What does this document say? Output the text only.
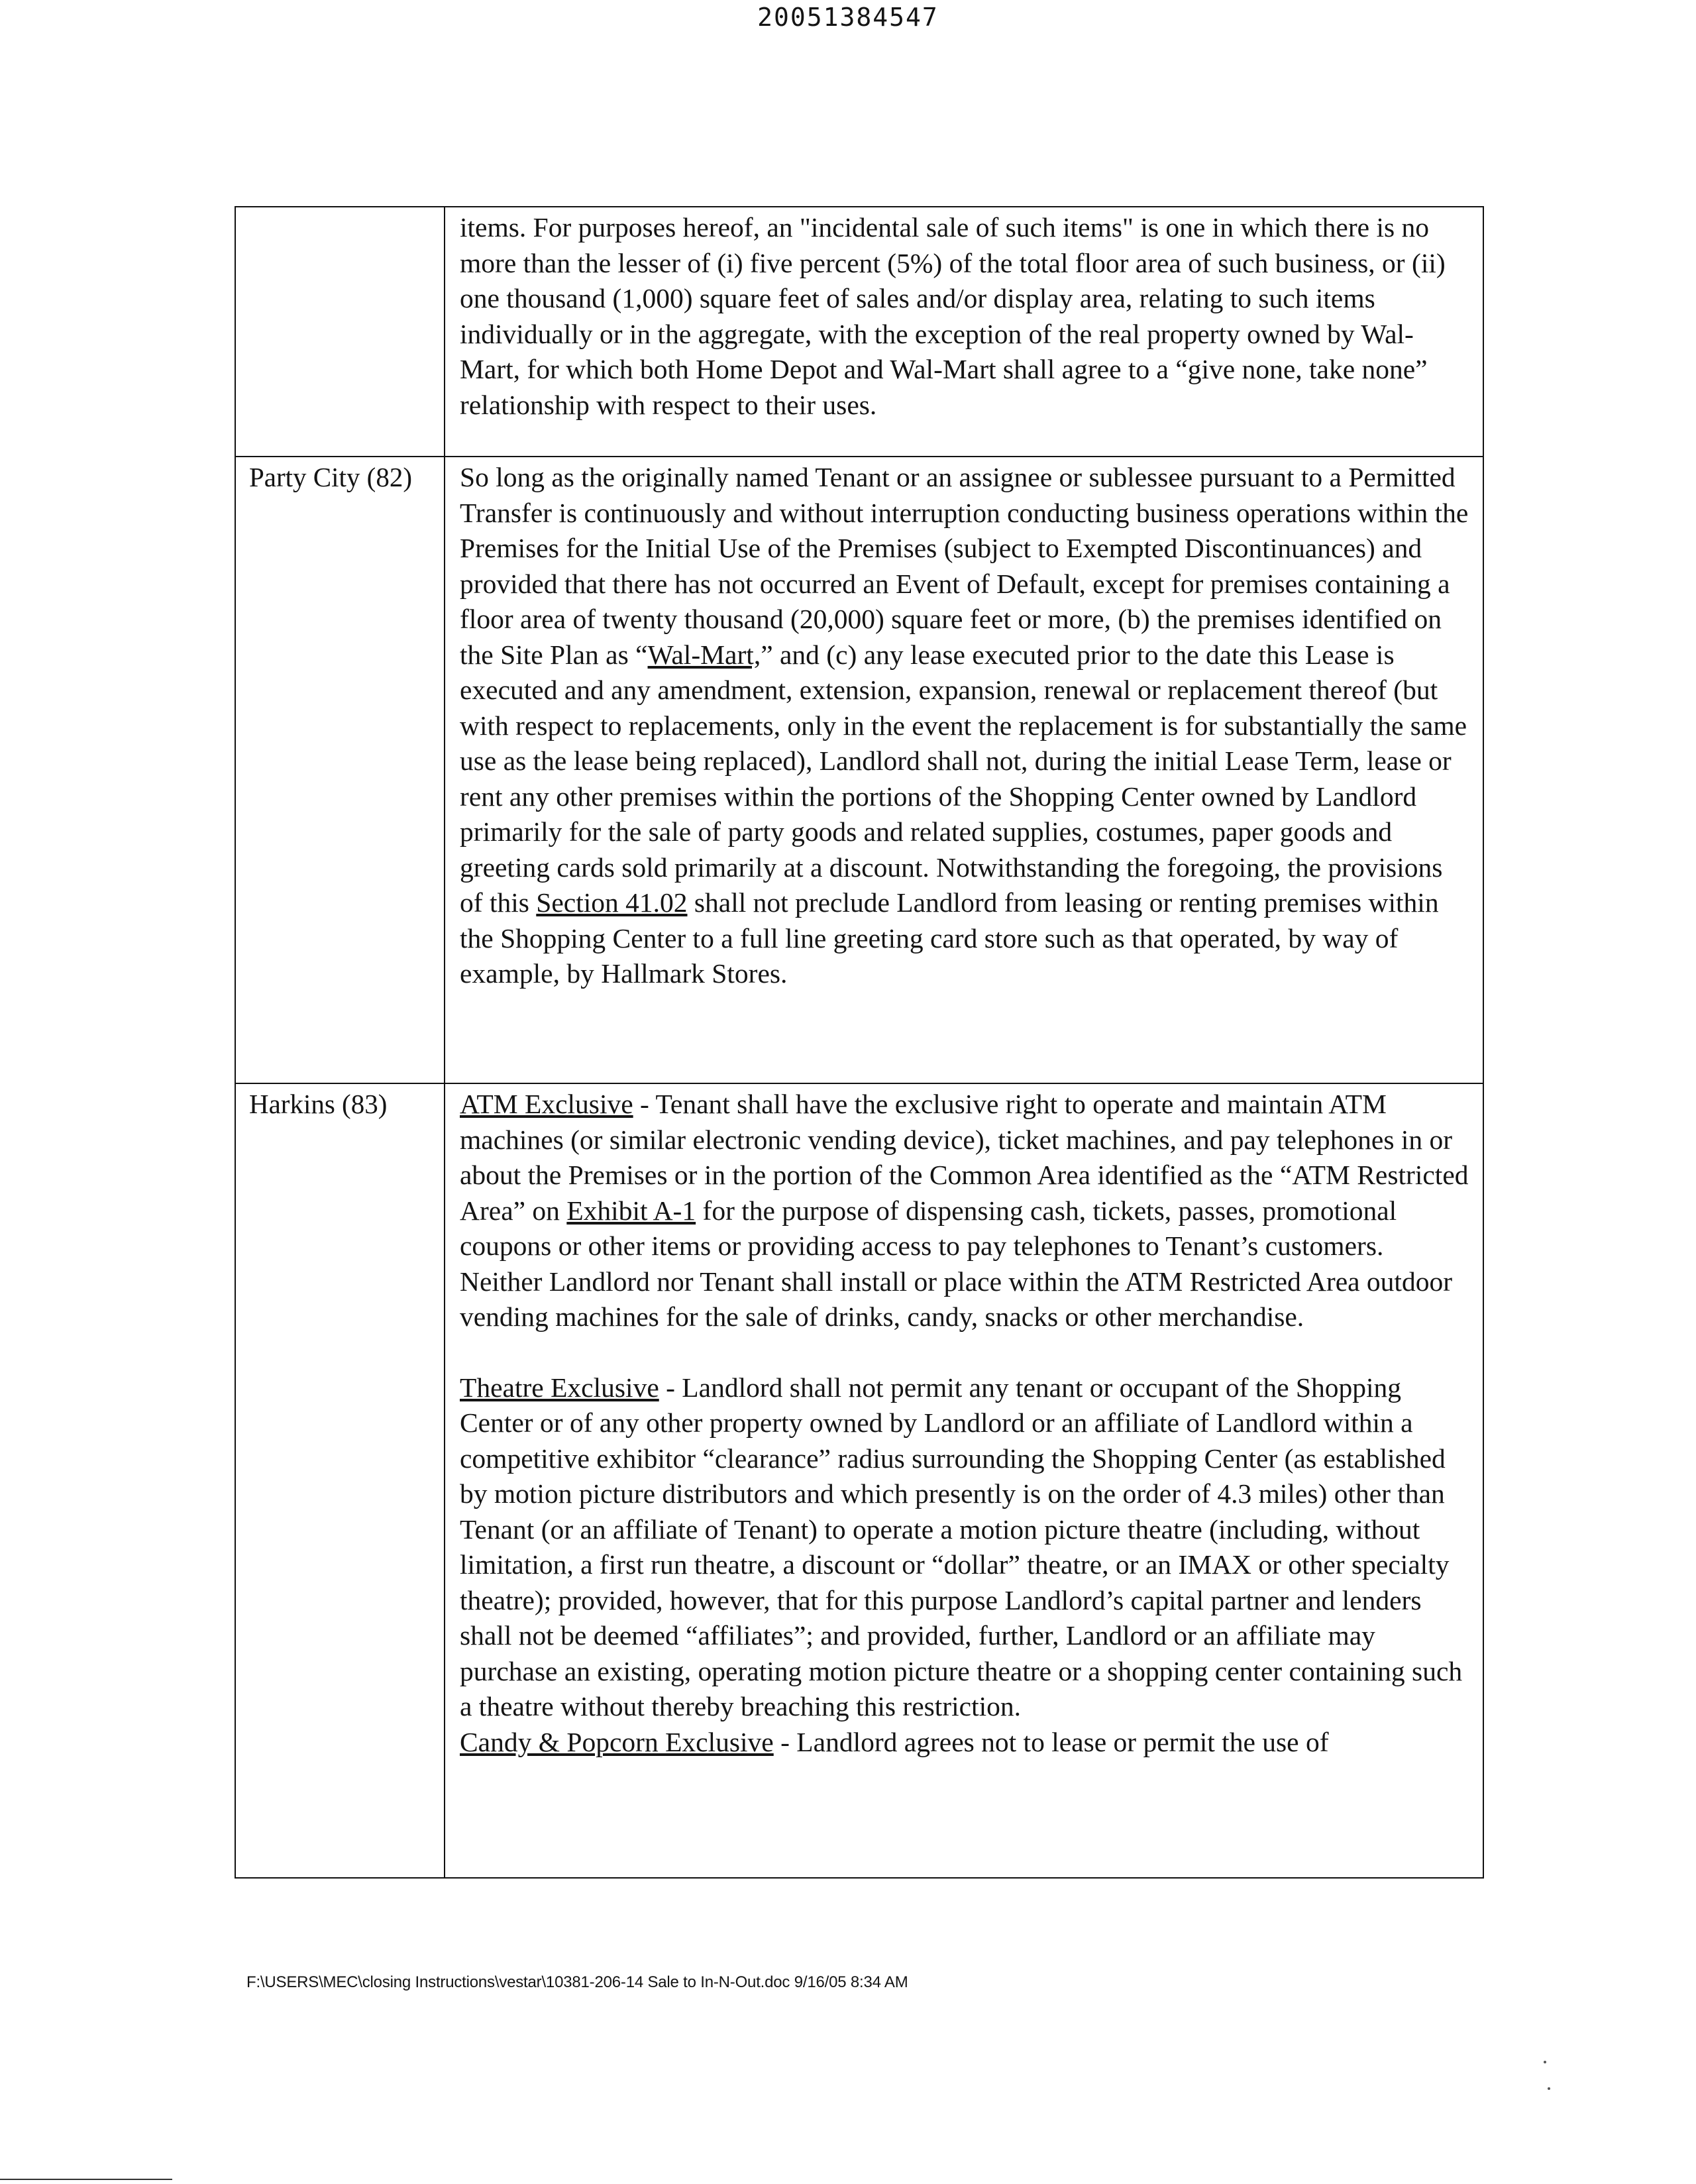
20051384547

items. For purposes hereof, an "incidental sale of such items" is one in which there is no more than the lesser of (i) five percent (5%) of the total floor area of such business, or (ii) one thousand (1,000) square feet of sales and/or display area, relating to such items individually or in the aggregate, with the exception of the real property owned by Wal-Mart, for which both Home Depot and Wal-Mart shall agree to a “give none, take none” relationship with respect to their uses.

Party City (82)	So long as the originally named Tenant or an assignee or sublessee pursuant to a Permitted Transfer is continuously and without interruption conducting business operations within the Premises for the Initial Use of the Premises (subject to Exempted Discontinuances) and provided that there has not occurred an Event of Default, except for premises containing a floor area of twenty thousand (20,000) square feet or more, (b) the premises identified on the Site Plan as “Wal-Mart,” and (c) any lease executed prior to the date this Lease is executed and any amendment, extension, expansion, renewal or replacement thereof (but with respect to replacements, only in the event the replacement is for substantially the same use as the lease being replaced), Landlord shall not, during the initial Lease Term, lease or rent any other premises within the portions of the Shopping Center owned by Landlord primarily for the sale of party goods and related supplies, costumes, paper goods and greeting cards sold primarily at a discount. Notwithstanding the foregoing, the provisions of this Section 41.02 shall not preclude Landlord from leasing or renting premises within the Shopping Center to a full line greeting card store such as that operated, by way of example, by Hallmark Stores.

Harkins (83)	ATM Exclusive - Tenant shall have the exclusive right to operate and maintain ATM machines (or similar electronic vending device), ticket machines, and pay telephones in or about the Premises or in the portion of the Common Area identified as the “ATM Restricted Area” on Exhibit A-1 for the purpose of dispensing cash, tickets, passes, promotional coupons or other items or providing access to pay telephones to Tenant’s customers. Neither Landlord nor Tenant shall install or place within the ATM Restricted Area outdoor vending machines for the sale of drinks, candy, snacks or other merchandise.

Theatre Exclusive - Landlord shall not permit any tenant or occupant of the Shopping Center or of any other property owned by Landlord or an affiliate of Landlord within a competitive exhibitor “clearance” radius surrounding the Shopping Center (as established by motion picture distributors and which presently is on the order of 4.3 miles) other than Tenant (or an affiliate of Tenant) to operate a motion picture theatre (including, without limitation, a first run theatre, a discount or “dollar” theatre, or an IMAX or other specialty theatre); provided, however, that for this purpose Landlord’s capital partner and lenders shall not be deemed “affiliates”; and provided, further, Landlord or an affiliate may purchase an existing, operating motion picture theatre or a shopping center containing such a theatre without thereby breaching this restriction.

Candy & Popcorn Exclusive - Landlord agrees not to lease or permit the use of

F:\USERS\MEC\closing Instructions\vestar\10381-206-14 Sale to In-N-Out.doc 9/16/05 8:34 AM
